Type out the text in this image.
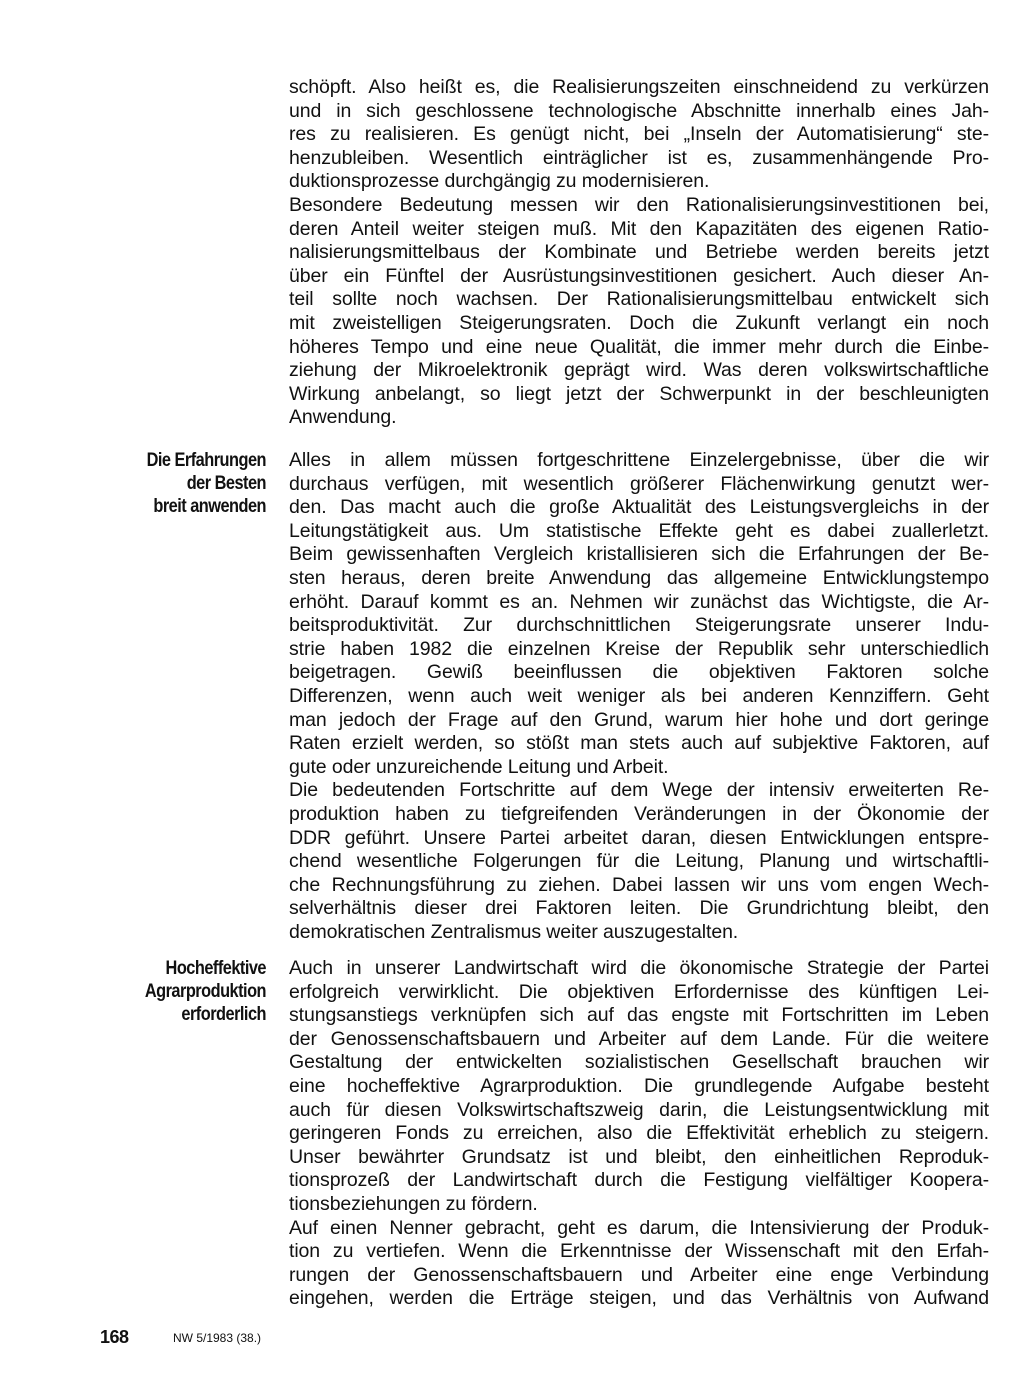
schöpft. Also heißt es, die Realisierungszeiten einschneidend zu verkürzen
und in sich geschlossene technologische Abschnitte innerhalb eines Jah-
res zu realisieren. Es genügt nicht, bei „Inseln der Automatisierung“ ste-
henzubleiben. Wesentlich einträglicher ist es, zusammenhängende Pro-
duktionsprozesse durchgängig zu modernisieren.
Besondere Bedeutung messen wir den Rationalisierungsinvestitionen bei,
deren Anteil weiter steigen muß. Mit den Kapazitäten des eigenen Ratio-
nalisierungsmittelbaus der Kombinate und Betriebe werden bereits jetzt
über ein Fünftel der Ausrüstungsinvestitionen gesichert. Auch dieser An-
teil sollte noch wachsen. Der Rationalisierungsmittelbau entwickelt sich
mit zweistelligen Steigerungsraten. Doch die Zukunft verlangt ein noch
höheres Tempo und eine neue Qualität, die immer mehr durch die Einbe-
ziehung der Mikroelektronik geprägt wird. Was deren volkswirtschaftliche
Wirkung anbelangt, so liegt jetzt der Schwerpunkt in der beschleunigten
Anwendung.
Die Erfahrungen
der Besten
breit anwenden
Alles in allem müssen fortgeschrittene Einzelergebnisse, über die wir
durchaus verfügen, mit wesentlich größerer Flächenwirkung genutzt wer-
den. Das macht auch die große Aktualität des Leistungsvergleichs in der
Leitungstätigkeit aus. Um statistische Effekte geht es dabei zuallerletzt.
Beim gewissenhaften Vergleich kristallisieren sich die Erfahrungen der Be-
sten heraus, deren breite Anwendung das allgemeine Entwicklungstempo
erhöht. Darauf kommt es an. Nehmen wir zunächst das Wichtigste, die Ar-
beitsproduktivität. Zur durchschnittlichen Steigerungsrate unserer Indu-
strie haben 1982 die einzelnen Kreise der Republik sehr unterschiedlich
beigetragen. Gewiß beeinflussen die objektiven Faktoren solche
Differenzen, wenn auch weit weniger als bei anderen Kennziffern. Geht
man jedoch der Frage auf den Grund, warum hier hohe und dort geringe
Raten erzielt werden, so stößt man stets auch auf subjektive Faktoren, auf
gute oder unzureichende Leitung und Arbeit.
Die bedeutenden Fortschritte auf dem Wege der intensiv erweiterten Re-
produktion haben zu tiefgreifenden Veränderungen in der Ökonomie der
DDR geführt. Unsere Partei arbeitet daran, diesen Entwicklungen entspre-
chend wesentliche Folgerungen für die Leitung, Planung und wirtschaftli-
che Rechnungsführung zu ziehen. Dabei lassen wir uns vom engen Wech-
selverhältnis dieser drei Faktoren leiten. Die Grundrichtung bleibt, den
demokratischen Zentralismus weiter auszugestalten.
Hocheffektive
Agrarproduktion
erforderlich
Auch in unserer Landwirtschaft wird die ökonomische Strategie der Partei
erfolgreich verwirklicht. Die objektiven Erfordernisse des künftigen Lei-
stungsanstiegs verknüpfen sich auf das engste mit Fortschritten im Leben
der Genossenschaftsbauern und Arbeiter auf dem Lande. Für die weitere
Gestaltung der entwickelten sozialistischen Gesellschaft brauchen wir
eine hocheffektive Agrarproduktion. Die grundlegende Aufgabe besteht
auch für diesen Volkswirtschaftszweig darin, die Leistungsentwicklung mit
geringeren Fonds zu erreichen, also die Effektivität erheblich zu steigern.
Unser bewährter Grundsatz ist und bleibt, den einheitlichen Reproduk-
tionsprozeß der Landwirtschaft durch die Festigung vielfältiger Koopera-
tionsbeziehungen zu fördern.
Auf einen Nenner gebracht, geht es darum, die Intensivierung der Produk-
tion zu vertiefen. Wenn die Erkenntnisse der Wissenschaft mit den Erfah-
rungen der Genossenschaftsbauern und Arbeiter eine enge Verbindung
eingehen, werden die Erträge steigen, und das Verhältnis von Aufwand
168	NW 5/1983 (38.)
